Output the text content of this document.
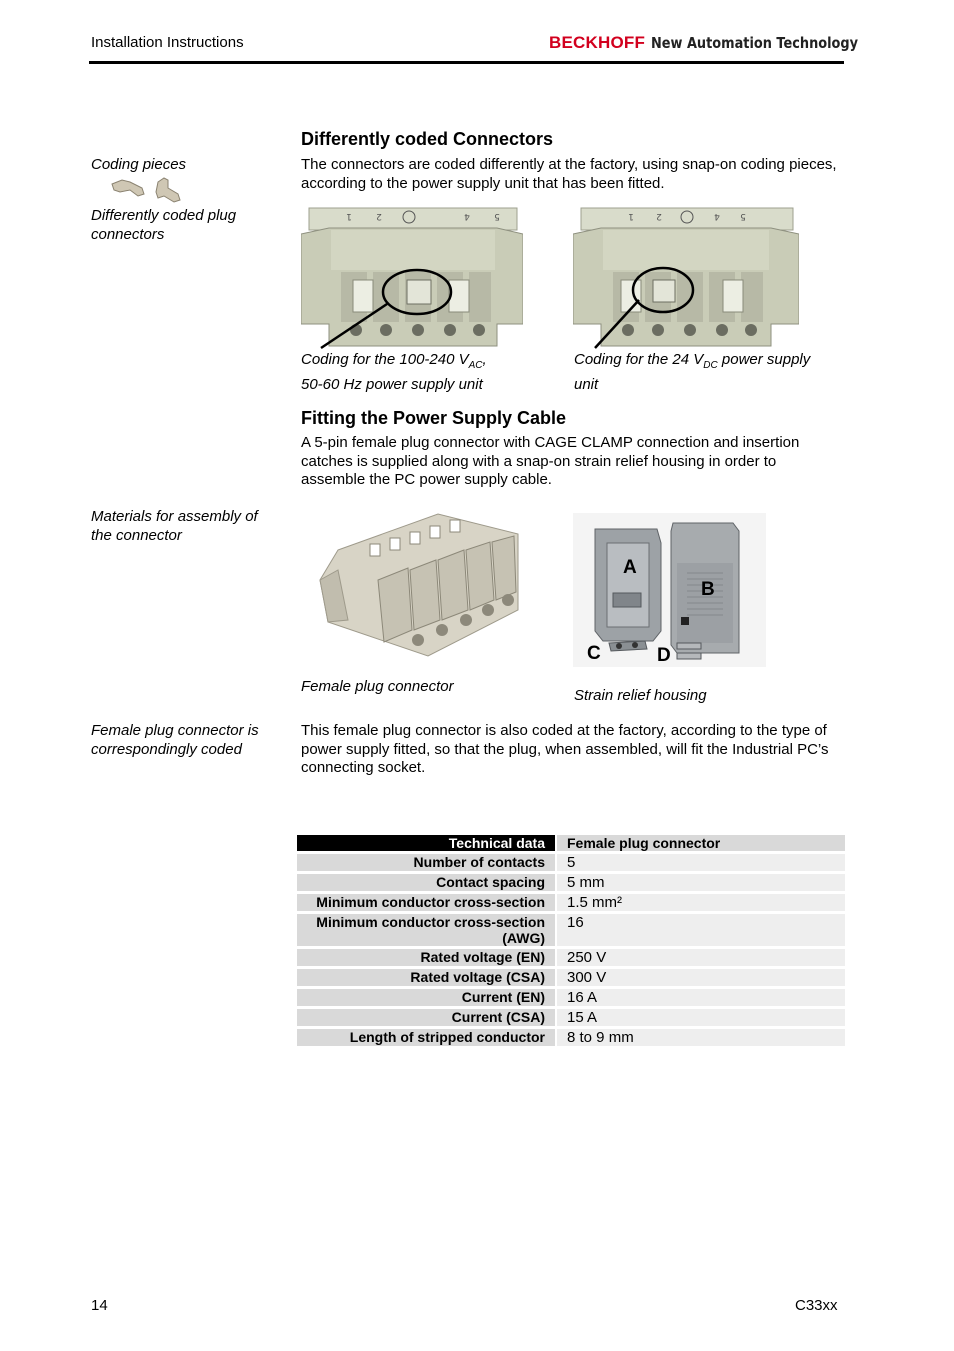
Installation Instructions	BECKHOFF New Automation Technology
Differently coded Connectors
The connectors are coded differently at the factory, using snap-on coding pieces, according to the power supply unit that has been fitted.
Coding pieces
Differently coded plug connectors
1	2	4	5	1 2	4 5
Coding for the 100-240 $V_{AC}$,
50-60 Hz power supply unit
Coding for the 24 $V_{DC}$ power supply
unit
Fitting the Power Supply Cable
A 5-pin female plug connector with CAGE CLAMP connection and insertion catches is supplied along with a snap-on strain relief housing in order to assemble the PC power supply cable.
Materials for assembly of the connector
A
B
C	D
Female plug connector
Strain relief housing
Female plug connector is correspondingly coded
This female plug connector is also coded at the factory, according to the type of power supply fitted, so that the plug, when assembled, will fit the Industrial PC’s connecting socket.
Technical data	Female plug connector
Number of contacts	5
Contact spacing	5 mm
Minimum conductor cross-section	1.5 mm²
Minimum conductor cross-section (AWG)	16
Rated voltage (EN)	250 V
Rated voltage (CSA)	300 V
Current (EN)	16 A
Current (CSA)	15 A
Length of stripped conductor	8 to 9 mm
14	C33xx
